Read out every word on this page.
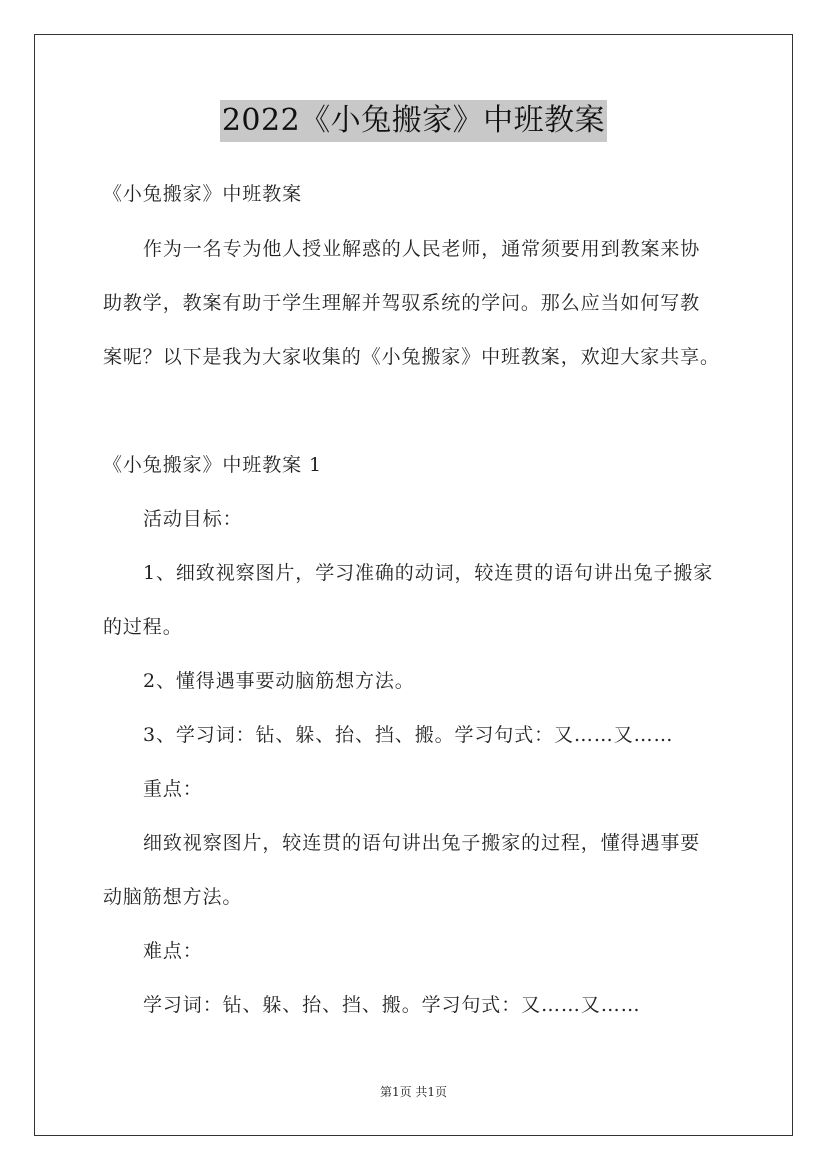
2022《小兔搬家》中班教案
《小兔搬家》中班教案
作为一名专为他人授业解惑的人民老师，通常须要用到教案来协
助教学，教案有助于学生理解并驾驭系统的学问。那么应当如何写教
案呢？以下是我为大家收集的《小兔搬家》中班教案，欢迎大家共享。
《小兔搬家》中班教案 1
活动目标：
1、细致视察图片，学习准确的动词，较连贯的语句讲出兔子搬家
的过程。
2、懂得遇事要动脑筋想方法。
3、学习词：钻、躲、抬、挡、搬。学习句式：又……又……
重点：
细致视察图片，较连贯的语句讲出兔子搬家的过程，懂得遇事要
动脑筋想方法。
难点：
学习词：钻、躲、抬、挡、搬。学习句式：又……又……
第1页 共1页
